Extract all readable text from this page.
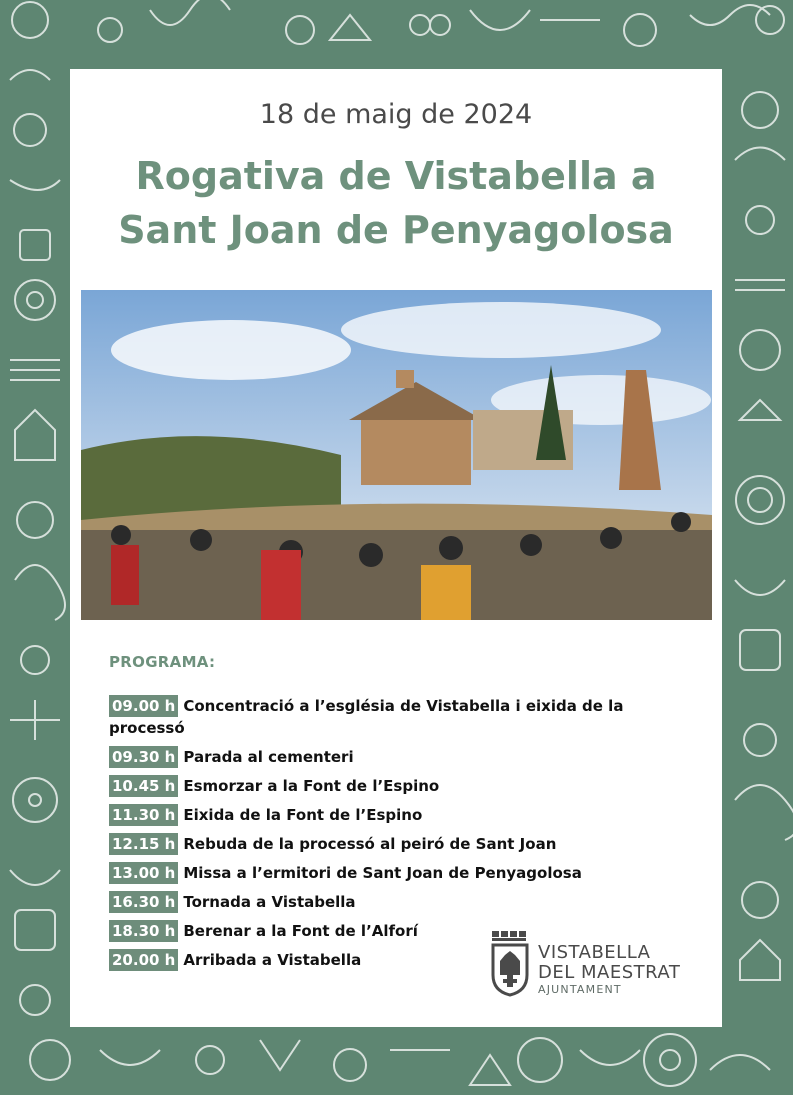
18 de maig de 2024
Rogativa de Vistabella a
Sant Joan de Penyagolosa
PROGRAMA:
09.00 h Concentració a l’església de Vistabella i eixida de la processó
09.30 h Parada al cementeri
10.45 h Esmorzar a la Font de l’Espino
11.30 h Eixida de la Font de l’Espino
12.15 h Rebuda de la processó al peiró de Sant Joan
13.00 h Missa a l’ermitori de Sant Joan de Penyagolosa
16.30 h Tornada a Vistabella
18.30 h Berenar a la Font de l’Alforí
20.00 h Arribada a Vistabella	VISTABELLA
DEL MAESTRAT
AJUNTAMENT
